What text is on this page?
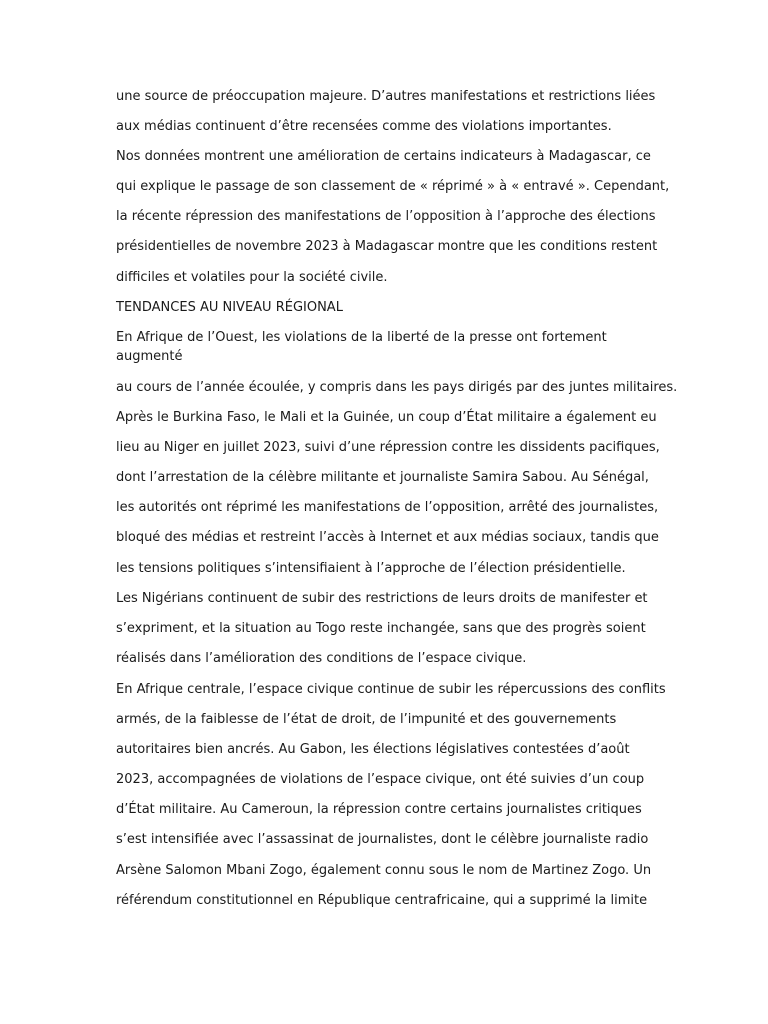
une source de préoccupation majeure. D’autres manifestations et restrictions liées
aux médias continuent d’être recensées comme des violations importantes.
Nos données montrent une amélioration de certains indicateurs à Madagascar, ce
qui explique le passage de son classement de « réprimé » à « entravé ». Cependant,
la récente répression des manifestations de l’opposition à l’approche des élections
présidentielles de novembre 2023 à Madagascar montre que les conditions restent
difficiles et volatiles pour la société civile.
TENDANCES AU NIVEAU RÉGIONAL
En Afrique de l’Ouest, les violations de la liberté de la presse ont fortement
augmenté
au cours de l’année écoulée, y compris dans les pays dirigés par des juntes militaires.
Après le Burkina Faso, le Mali et la Guinée, un coup d’État militaire a également eu
lieu au Niger en juillet 2023, suivi d’une répression contre les dissidents pacifiques,
dont l’arrestation de la célèbre militante et journaliste Samira Sabou. Au Sénégal,
les autorités ont réprimé les manifestations de l’opposition, arrêté des journalistes,
bloqué des médias et restreint l’accès à Internet et aux médias sociaux, tandis que
les tensions politiques s’intensifiaient à l’approche de l’élection présidentielle.
Les Nigérians continuent de subir des restrictions de leurs droits de manifester et
s’expriment, et la situation au Togo reste inchangée, sans que des progrès soient
réalisés dans l’amélioration des conditions de l’espace civique.
En Afrique centrale, l’espace civique continue de subir les répercussions des conflits
armés, de la faiblesse de l’état de droit, de l’impunité et des gouvernements
autoritaires bien ancrés. Au Gabon, les élections législatives contestées d’août
2023, accompagnées de violations de l’espace civique, ont été suivies d’un coup
d’État militaire. Au Cameroun, la répression contre certains journalistes critiques
s’est intensifiée avec l’assassinat de journalistes, dont le célèbre journaliste radio
Arsène Salomon Mbani Zogo, également connu sous le nom de Martinez Zogo. Un
référendum constitutionnel en République centrafricaine, qui a supprimé la limite
